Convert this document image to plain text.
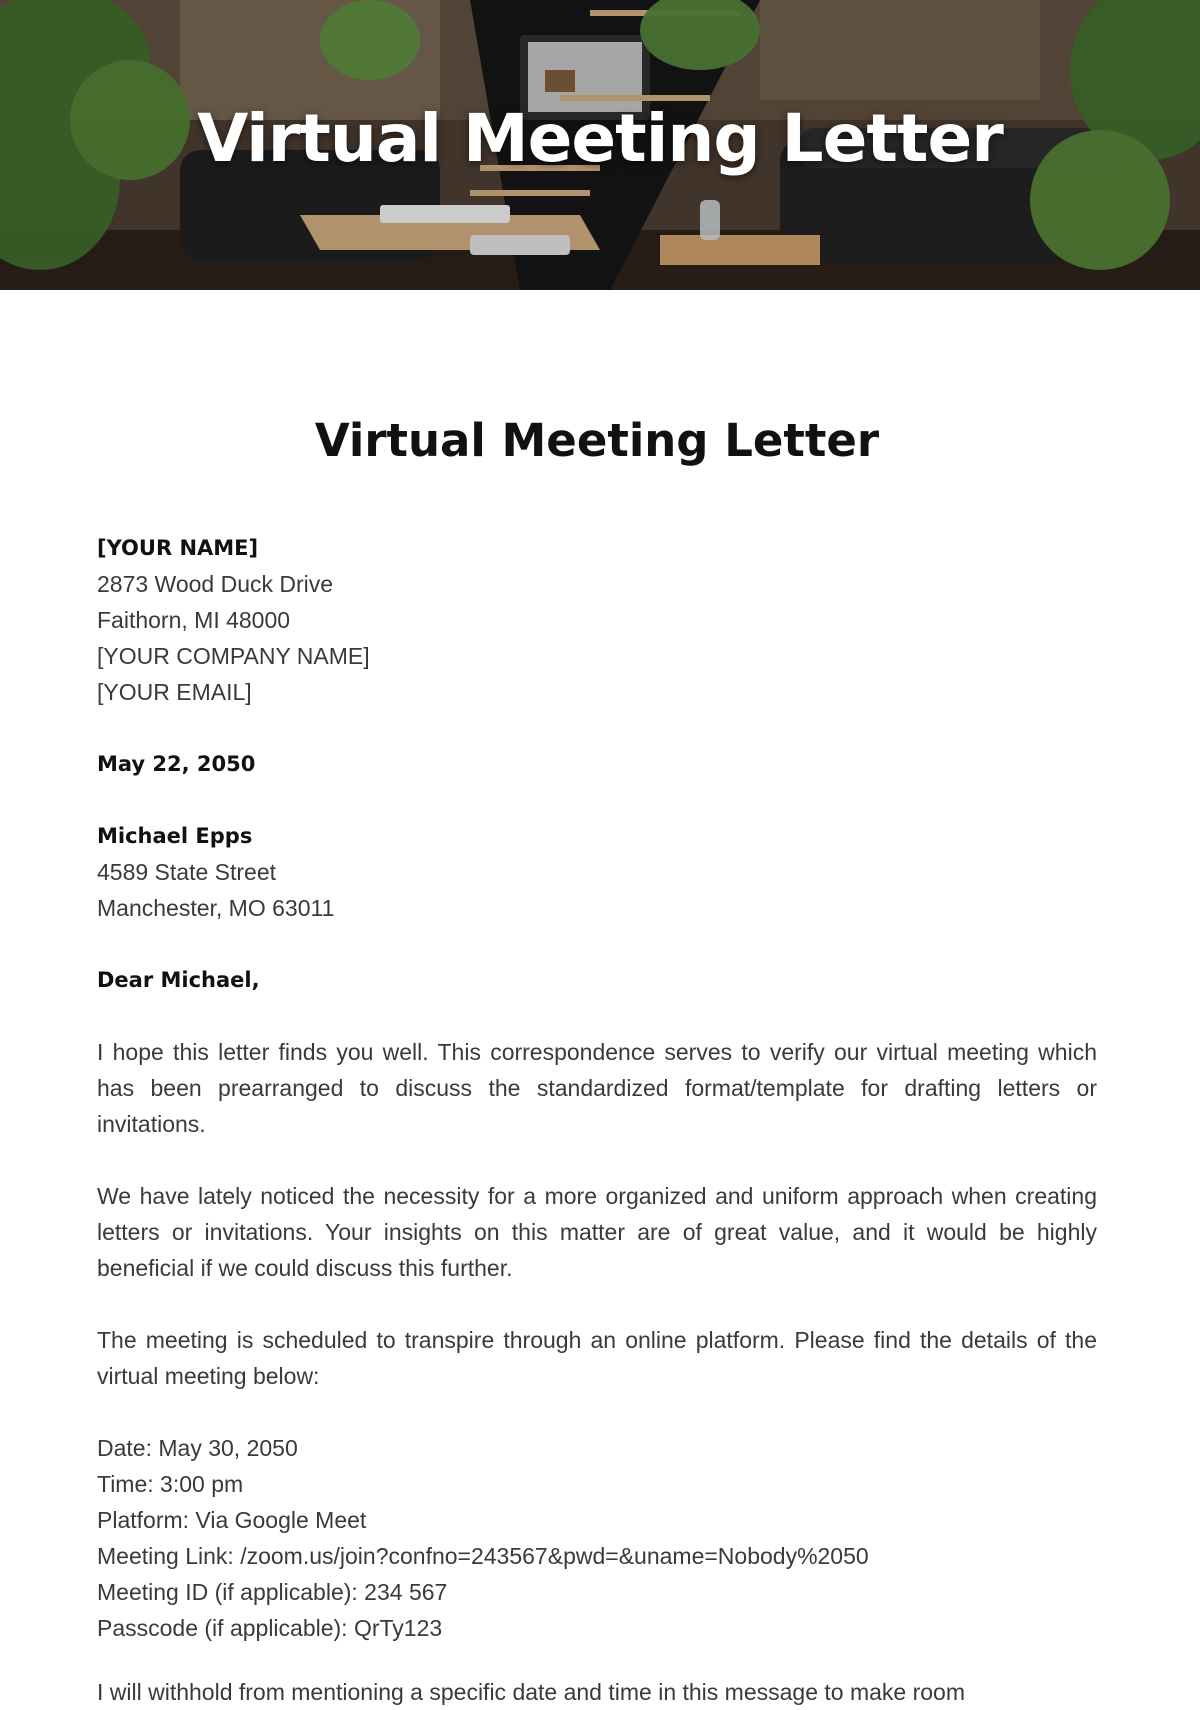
Virtual Meeting Letter
Virtual Meeting Letter
[YOUR NAME]
2873 Wood Duck Drive
Faithorn, MI 48000
[YOUR COMPANY NAME]
[YOUR EMAIL]
May 22, 2050
Michael Epps
4589 State Street
Manchester, MO 63011
Dear Michael,
I hope this letter finds you well. This correspondence serves to verify our virtual meeting which has been prearranged to discuss the standardized format/template for drafting letters or invitations.
We have lately noticed the necessity for a more organized and uniform approach when creating letters or invitations. Your insights on this matter are of great value, and it would be highly beneficial if we could discuss this further.
The meeting is scheduled to transpire through an online platform. Please find the details of the virtual meeting below:
Date: May 30, 2050
Time: 3:00 pm
Platform: Via Google Meet
Meeting Link: /zoom.us/join?confno=243567&pwd=&uname=Nobody%2050
Meeting ID (if applicable): 234 567
Passcode (if applicable): QrTy123
I will withhold from mentioning a specific date and time in this message to make room
